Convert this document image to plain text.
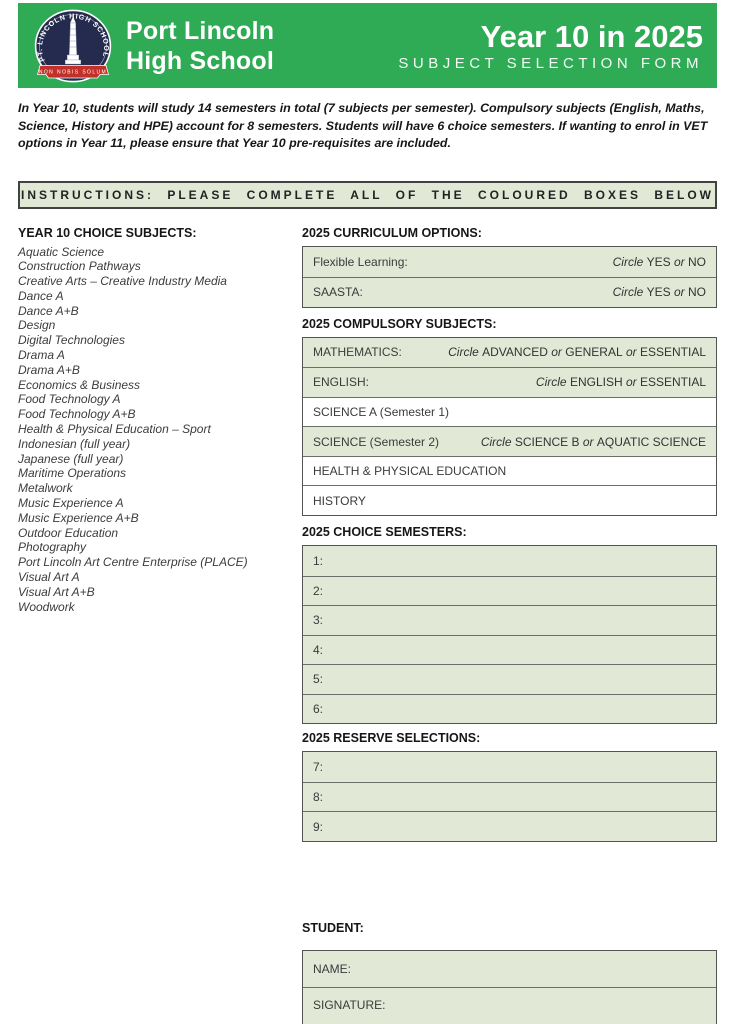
PT. LINCOLN HIGH SCHOOL
NON NOBIS SOLUM
Port Lincoln
High School
Year 10 in 2025
SUBJECT SELECTION FORM

In Year 10, students will study 14 semesters in total (7 subjects per semester). Compulsory subjects (English, Maths, Science, History and HPE) account for 8 semesters. Students will have 6 choice semesters. If wanting to enrol in VET options in Year 11, please ensure that Year 10 pre-requisites are included.

INSTRUCTIONS: PLEASE COMPLETE ALL OF THE COLOURED BOXES BELOW
YEAR 10 CHOICE SUBJECTS:
Aquatic Science
Construction Pathways
Creative Arts – Creative Industry Media
Dance A
Dance A+B
Design
Digital Technologies
Drama A
Drama A+B
Economics & Business
Food Technology A
Food Technology A+B
Health & Physical Education – Sport
Indonesian (full year)
Japanese (full year)
Maritime Operations
Metalwork
Music Experience A
Music Experience A+B
Outdoor Education
Photography
Port Lincoln Art Centre Enterprise (PLACE)
Visual Art A
Visual Art A+B
Woodwork
2025 CURRICULUM OPTIONS:
Flexible Learning:	Circle YES or NO
SAASTA:	Circle YES or NO
2025 COMPULSORY SUBJECTS:
MATHEMATICS:	Circle ADVANCED or GENERAL or ESSENTIAL
ENGLISH:	Circle ENGLISH or ESSENTIAL
SCIENCE A (Semester 1)
SCIENCE (Semester 2)	Circle SCIENCE B or AQUATIC SCIENCE
HEALTH & PHYSICAL EDUCATION
HISTORY
2025 CHOICE SEMESTERS:
1:
2:
3:
4:
5:
6:
2025 RESERVE SELECTIONS:
7:
8:
9:
STUDENT:
NAME:
SIGNATURE:
